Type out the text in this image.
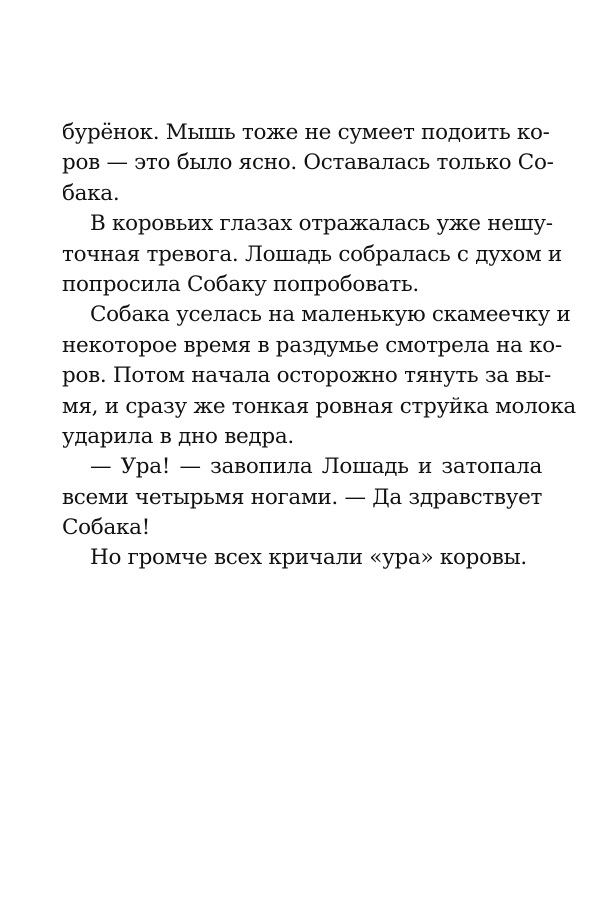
бурёнок. Мышь тоже не сумеет подоить ко-
ров — это было ясно. Оставалась только Со-
бака.
В коровьих глазах отражалась уже нешу-
точная тревога. Лошадь собралась с духом и
попросила Собаку попробовать.
Собака уселась на маленькую скамеечку и
некоторое время в раздумье смотрела на ко-
ров. Потом начала осторожно тянуть за вы-
мя, и сразу же тонкая ровная струйка молока
ударила в дно ведра.
— Ура! — завопила Лошадь и затопала
всеми четырьмя ногами. — Да здравствует
Собака!
Но громче всех кричали «ура» коровы.
